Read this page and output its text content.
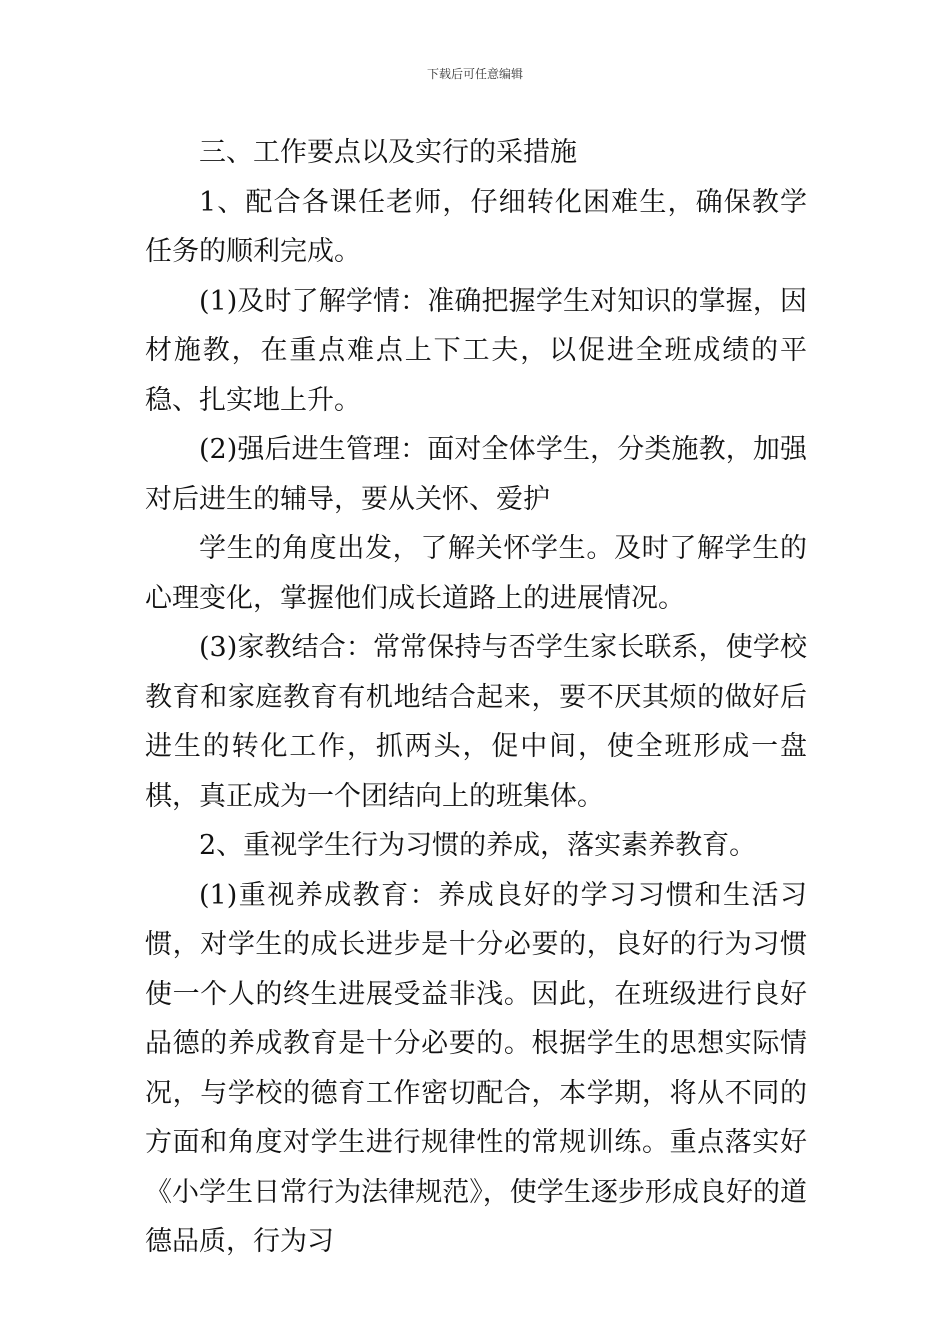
下载后可任意编辑

三、工作要点以及实行的采措施

1、配合各课任老师，仔细转化困难生，确保教学任务的顺利完成。

(1)及时了解学情：准确把握学生对知识的掌握，因材施教，在重点难点上下工夫，以促进全班成绩的平稳、扎实地上升。

(2)强后进生管理：面对全体学生，分类施教，加强对后进生的辅导，要从关怀、爱护

学生的角度出发，了解关怀学生。及时了解学生的心理变化，掌握他们成长道路上的进展情况。

(3)家教结合：常常保持与否学生家长联系，使学校教育和家庭教育有机地结合起来，要不厌其烦的做好后进生的转化工作，抓两头，促中间，使全班形成一盘棋，真正成为一个团结向上的班集体。

2、重视学生行为习惯的养成，落实素养教育。

(1)重视养成教育：养成良好的学习习惯和生活习惯，对学生的成长进步是十分必要的，良好的行为习惯使一个人的终生进展受益非浅。因此，在班级进行良好品德的养成教育是十分必要的。根据学生的思想实际情况，与学校的德育工作密切配合，本学期，将从不同的方面和角度对学生进行规律性的常规训练。重点落实好《小学生日常行为法律规范》，使学生逐步形成良好的道德品质，行为习
